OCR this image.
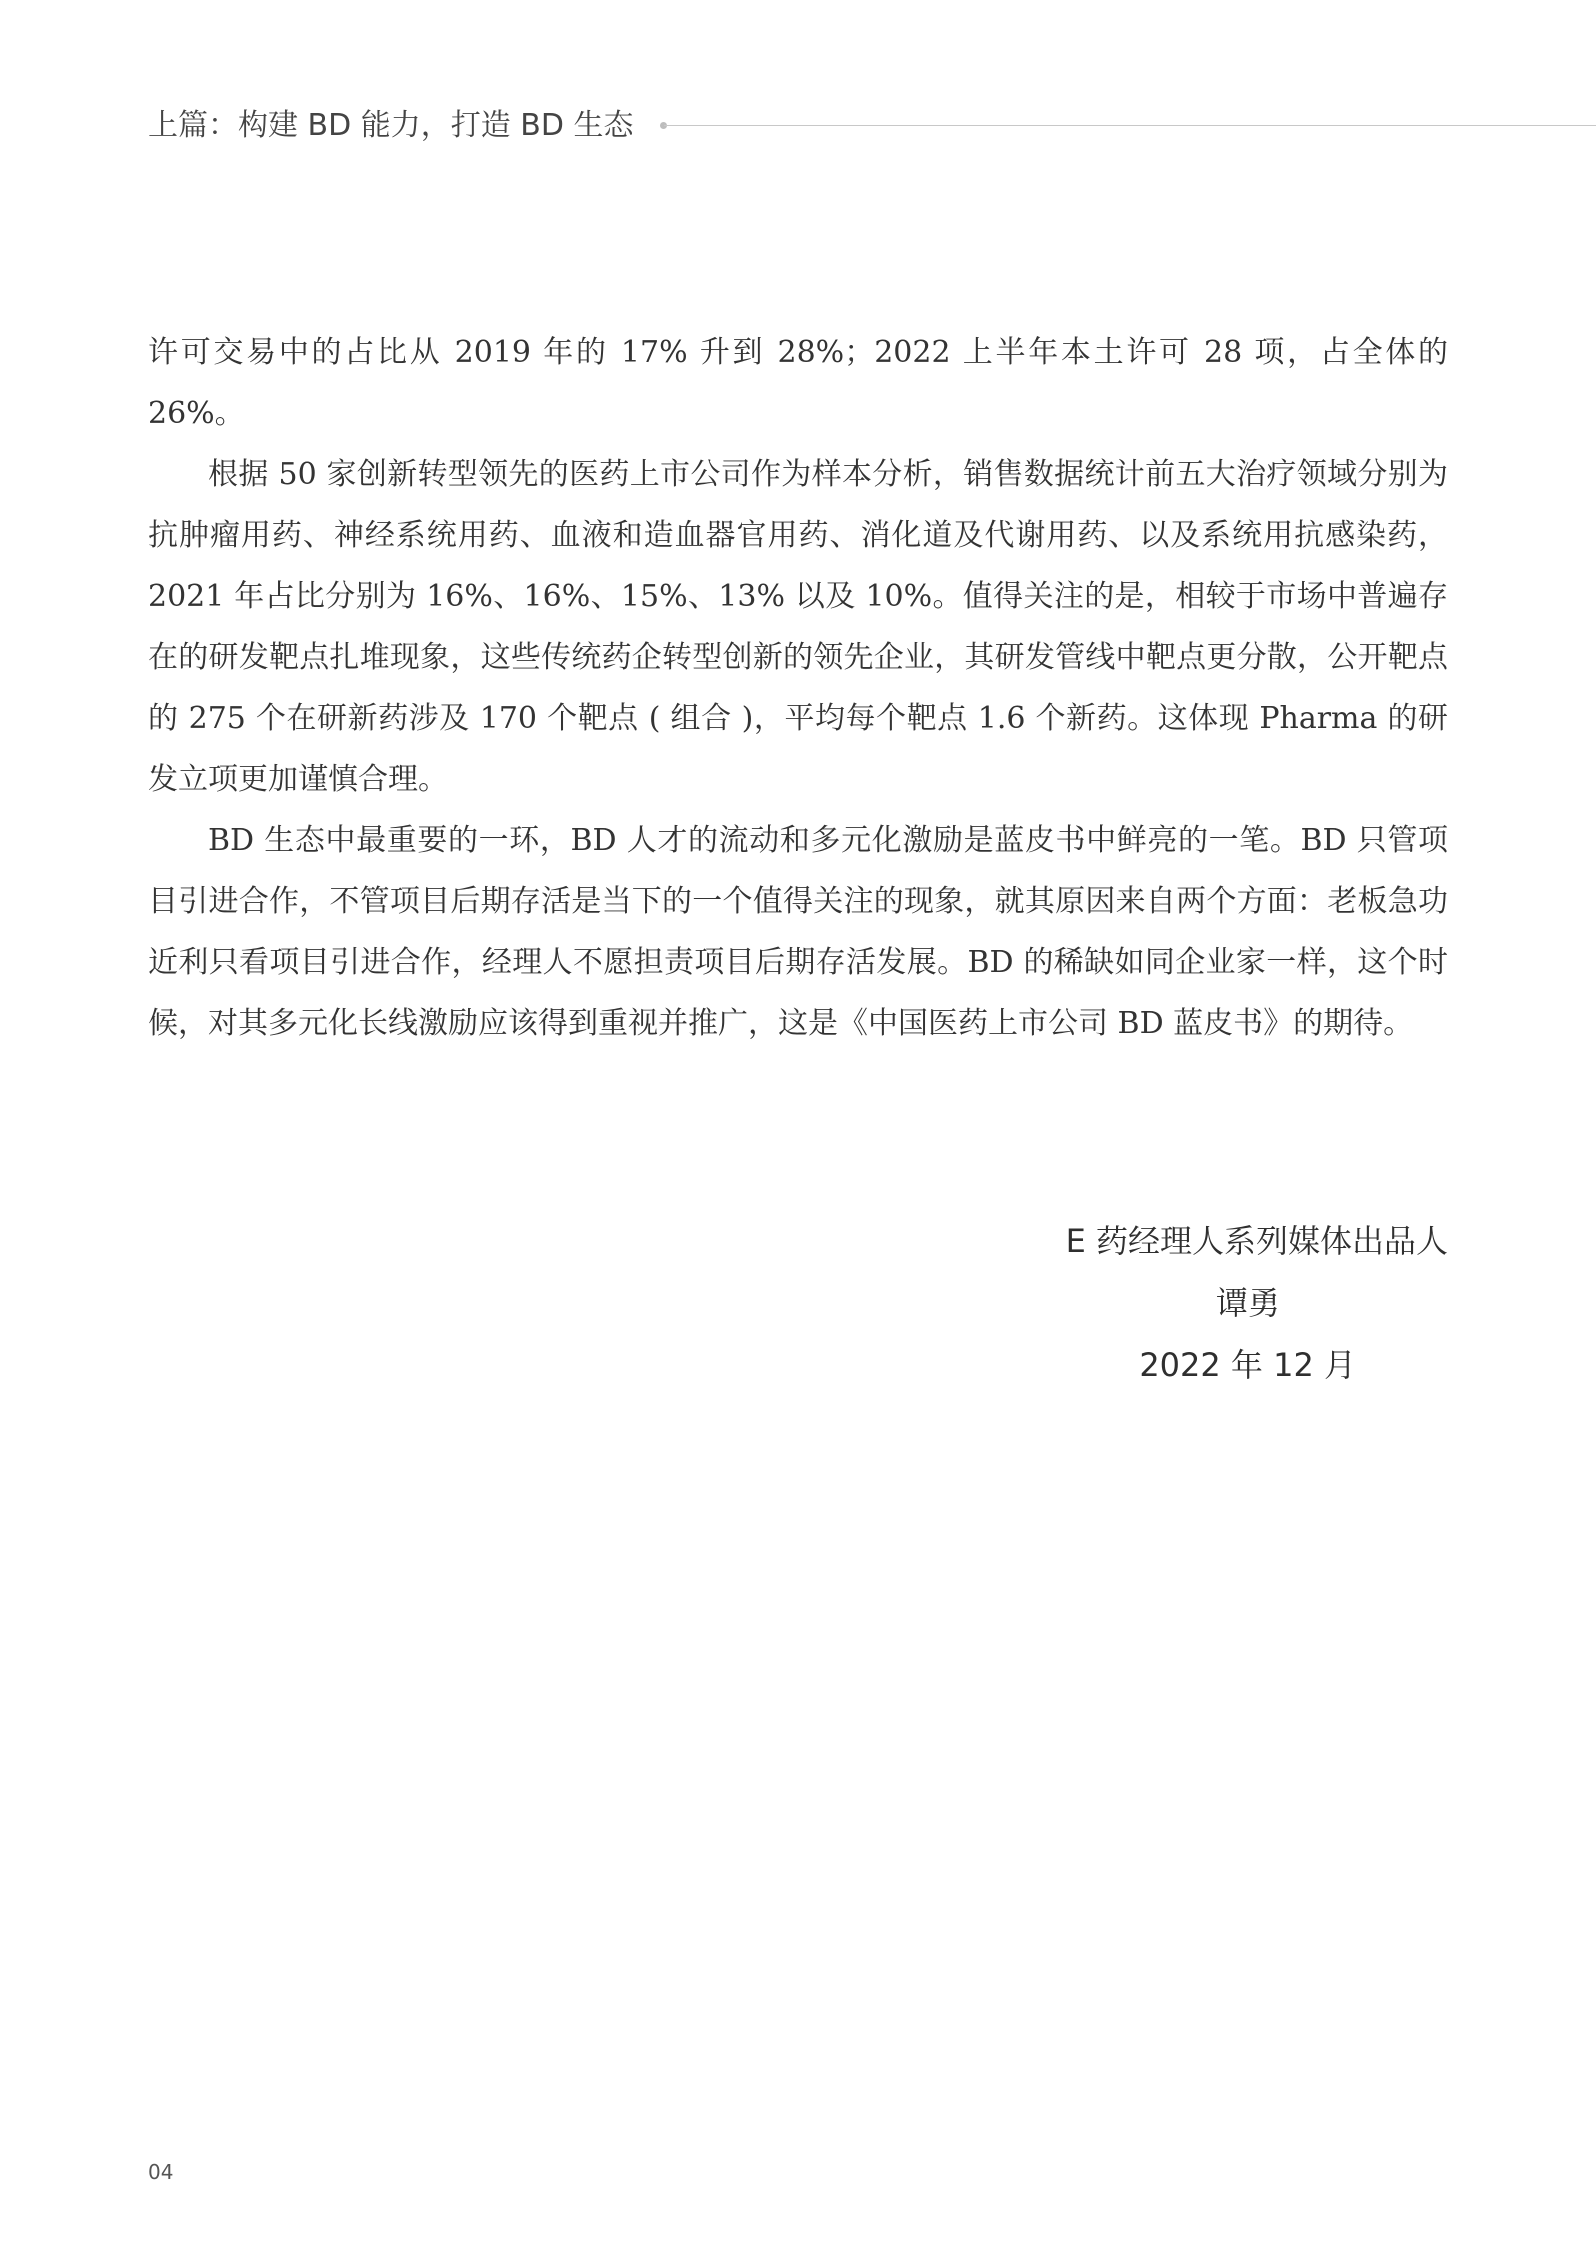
上篇：构建 BD 能力，打造 BD 生态

许可交易中的占比从 2019 年的 17% 升到 28%；2022 上半年本土许可 28 项，占全体的 26%。

根据 50 家创新转型领先的医药上市公司作为样本分析，销售数据统计前五大治疗领域分别为抗肿瘤用药、神经系统用药、血液和造血器官用药、消化道及代谢用药、以及系统用抗感染药，2021 年占比分别为 16%、16%、15%、13% 以及 10%。值得关注的是，相较于市场中普遍存在的研发靶点扎堆现象，这些传统药企转型创新的领先企业，其研发管线中靶点更分散，公开靶点的 275 个在研新药涉及 170 个靶点 ( 组合 )，平均每个靶点 1.6 个新药。这体现 Pharma 的研发立项更加谨慎合理。

BD 生态中最重要的一环，BD 人才的流动和多元化激励是蓝皮书中鲜亮的一笔。BD 只管项目引进合作，不管项目后期存活是当下的一个值得关注的现象，就其原因来自两个方面：老板急功近利只看项目引进合作，经理人不愿担责项目后期存活发展。BD 的稀缺如同企业家一样，这个时候，对其多元化长线激励应该得到重视并推广，这是《中国医药上市公司 BD 蓝皮书》的期待。

E 药经理人系列媒体出品人
谭勇
2022 年 12 月
04
